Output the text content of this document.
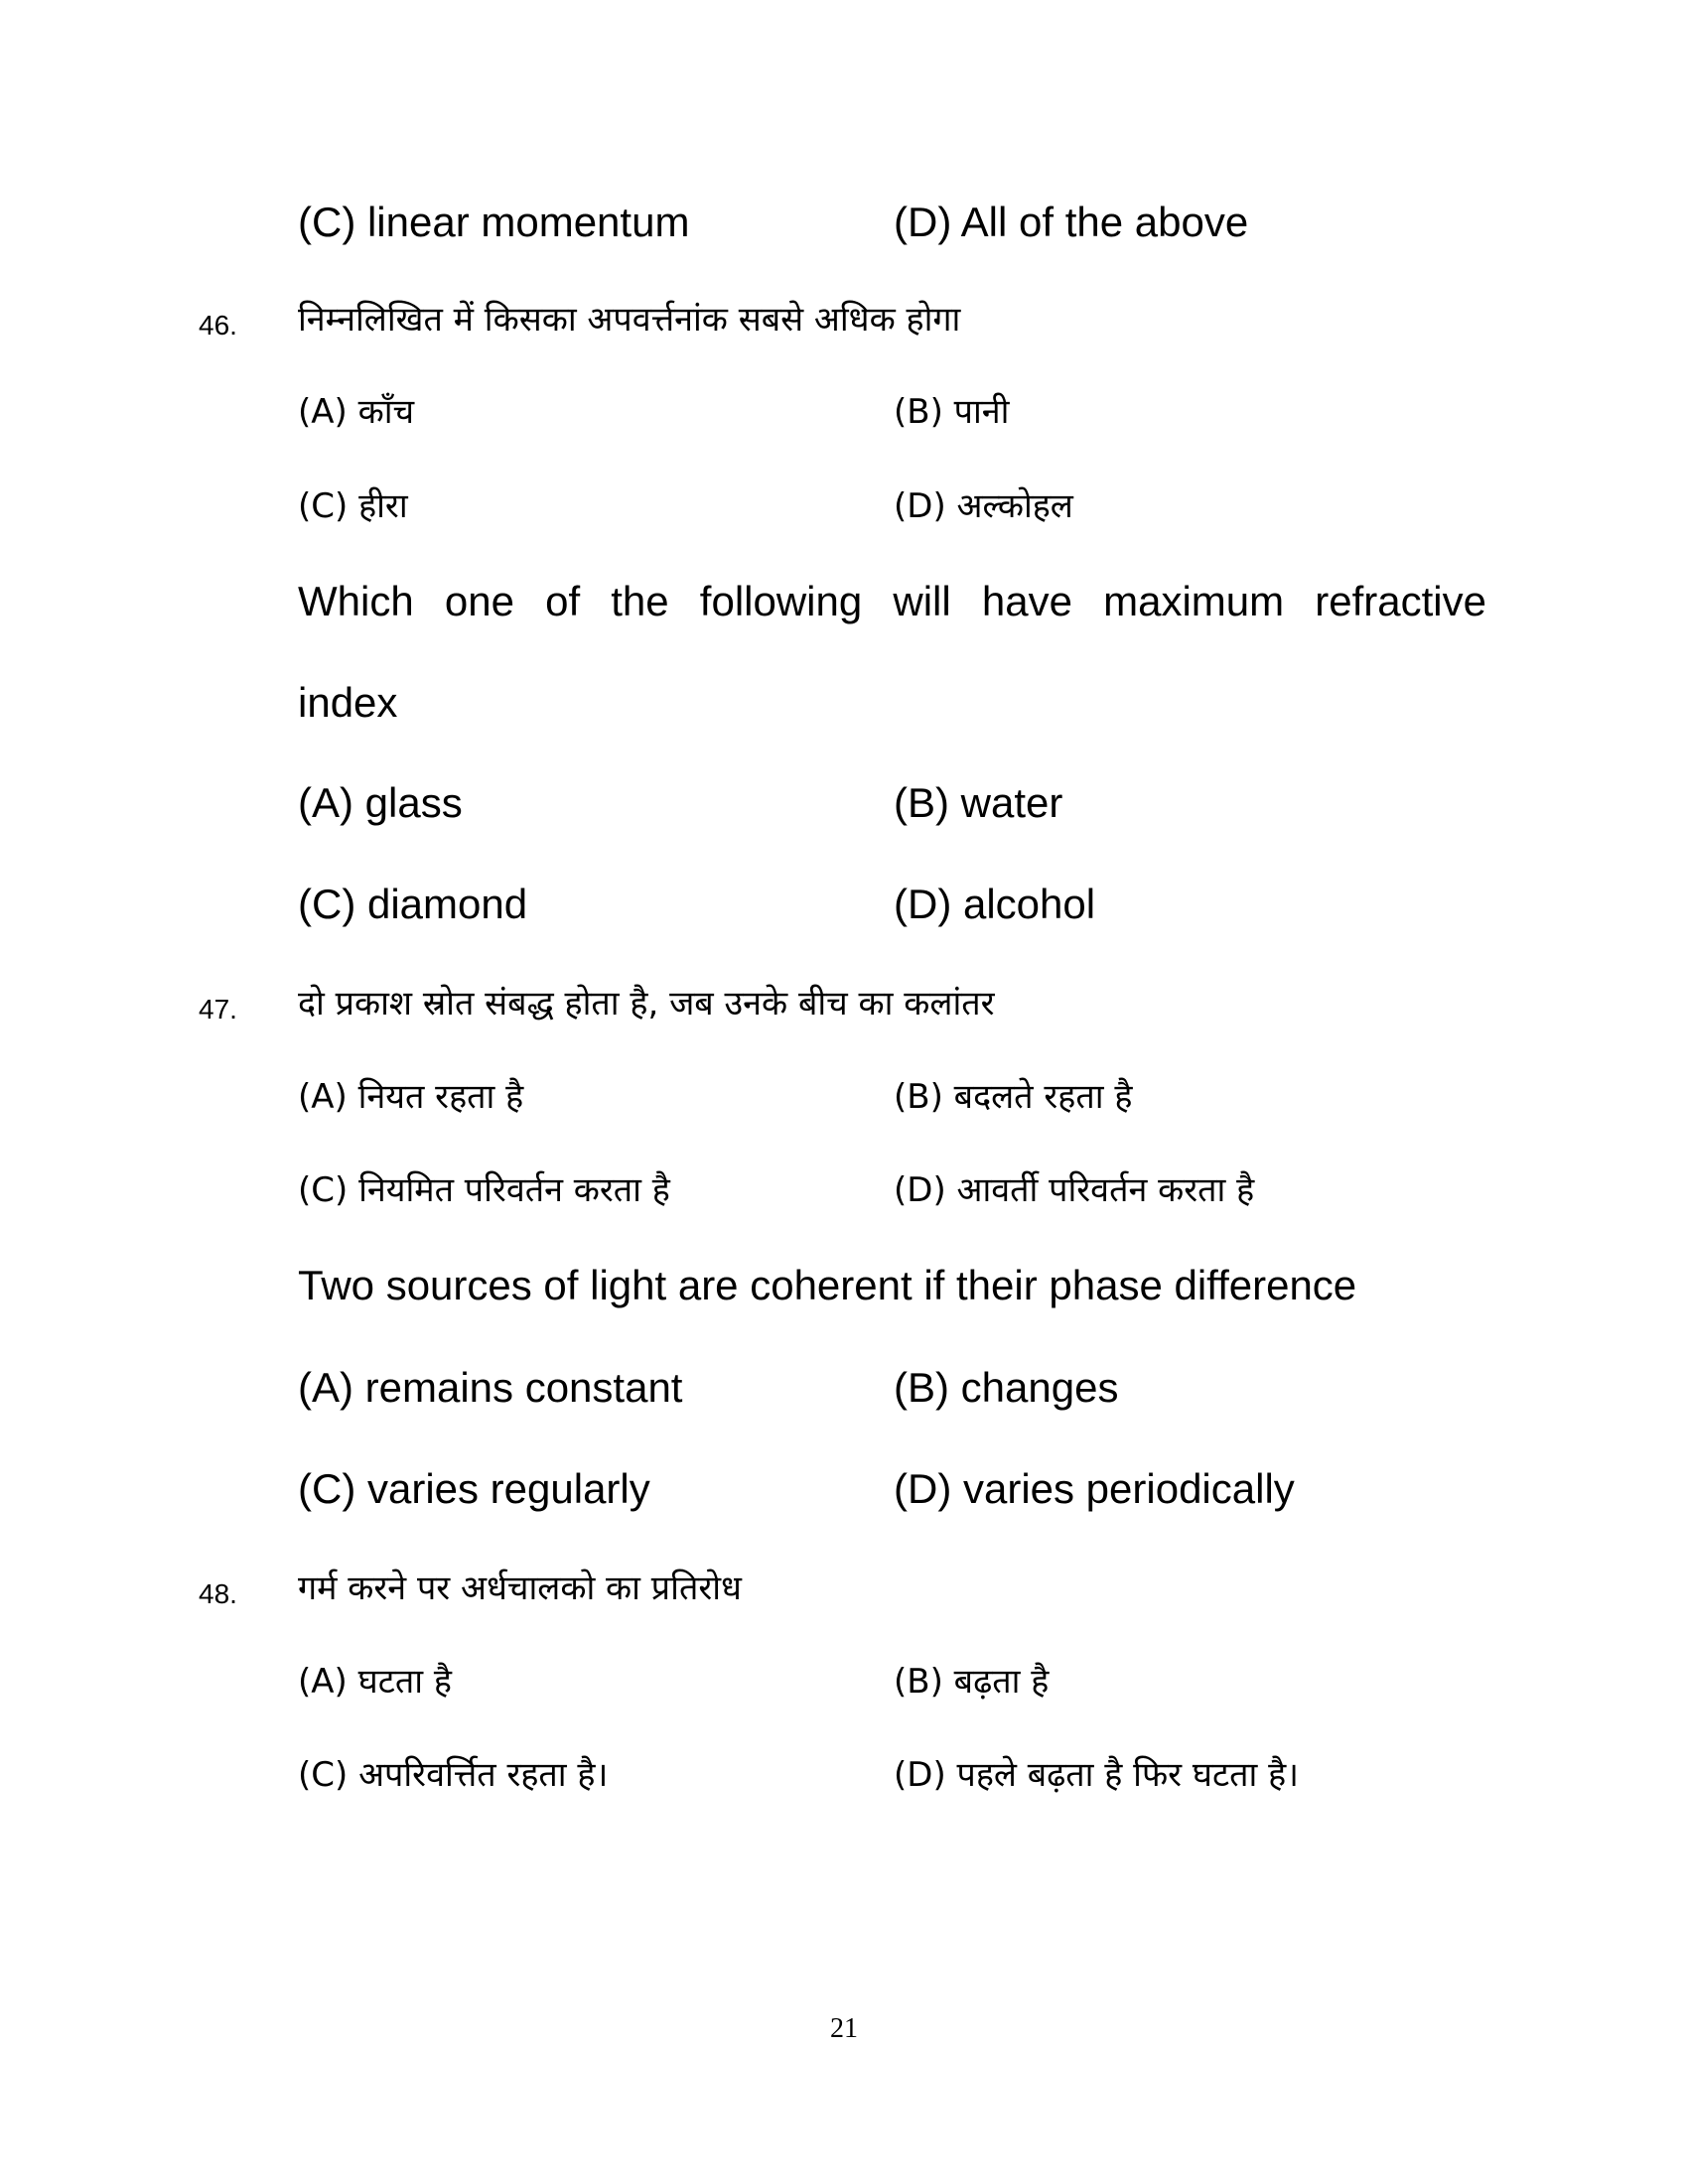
(C) linear momentum	(D) All of the above
46. निम्नलिखित में किसका अपवर्त्तनांक सबसे अधिक होगा
(A) काँच	(B) पानी
(C) हीरा	(D) अल्कोहल
Which one of the following will have maximum refractive
index
(A) glass	(B) water
(C) diamond	(D) alcohol
47. दो प्रकाश स्रोत संबद्ध होता है, जब उनके बीच का कलांतर
(A) नियत रहता है	(B) बदलते रहता है
(C) नियमित परिवर्तन करता है	(D) आवर्ती परिवर्तन करता है
Two sources of light are coherent if their phase difference
(A) remains constant	(B) changes
(C) varies regularly	(D) varies periodically
48. गर्म करने पर अर्धचालको का प्रतिरोध
(A) घटता है	(B) बढ़ता है
(C) अपरिवर्त्तित रहता है।	(D) पहले बढ़ता है फिर घटता है।
21
